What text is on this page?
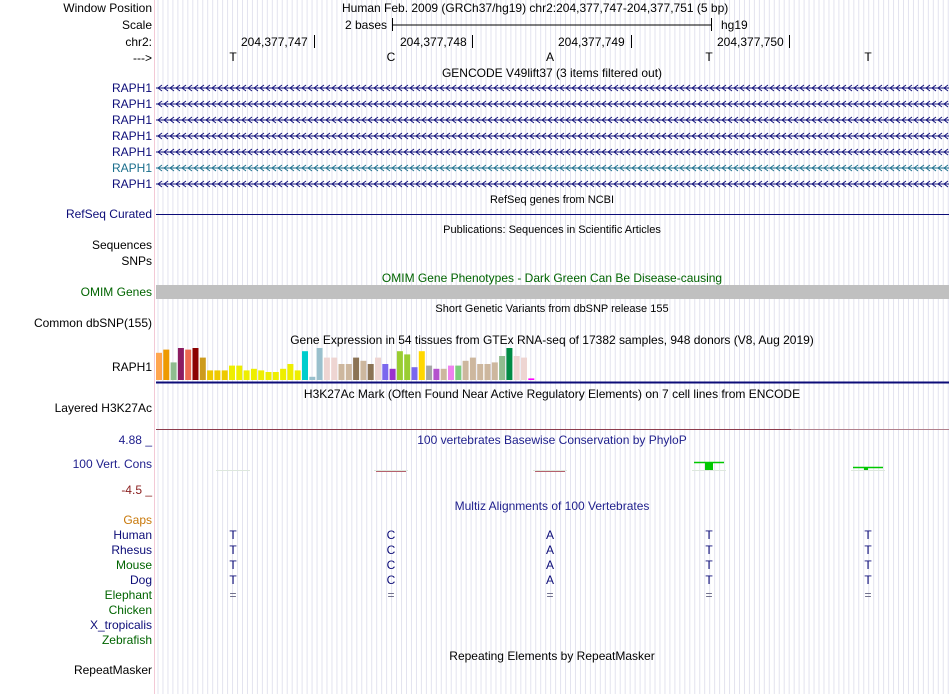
Window Position	Human Feb. 2009 (GRCh37/hg19) chr2:204,377,747-204,377,751 (5 bp)
Scale	2 bases	hg19
chr2:	204,377,747	204,377,748	204,377,749	204,377,750
--->	T	C	A	T	T
GENCODE V49lift37 (3 items filtered out)
RAPH1
RAPH1
RAPH1
RAPH1
RAPH1
RAPH1
RAPH1
RefSeq genes from NCBI
RefSeq Curated
Publications: Sequences in Scientific Articles
Sequences
SNPs
OMIM Gene Phenotypes - Dark Green Can Be Disease-causing
OMIM Genes
Short Genetic Variants from dbSNP release 155
Common dbSNP(155)
Gene Expression in 54 tissues from GTEx RNA-seq of 17382 samples, 948 donors (V8, Aug 2019)
RAPH1
H3K27Ac Mark (Often Found Near Active Regulatory Elements) on 7 cell lines from ENCODE
Layered H3K27Ac
100 vertebrates Basewise Conservation by PhyloP
4.88 _
100 Vert. Cons
-4.5 _
Multiz Alignments of 100 Vertebrates
Gaps
Human	T	C	A	T	T
Rhesus	T	C	A	T	T
Mouse	T	C	A	T	T
Dog	T	C	A	T	T
Elephant	=	=	=	=	=
Chicken
X_tropicalis
Zebrafish
Repeating Elements by RepeatMasker
RepeatMasker
